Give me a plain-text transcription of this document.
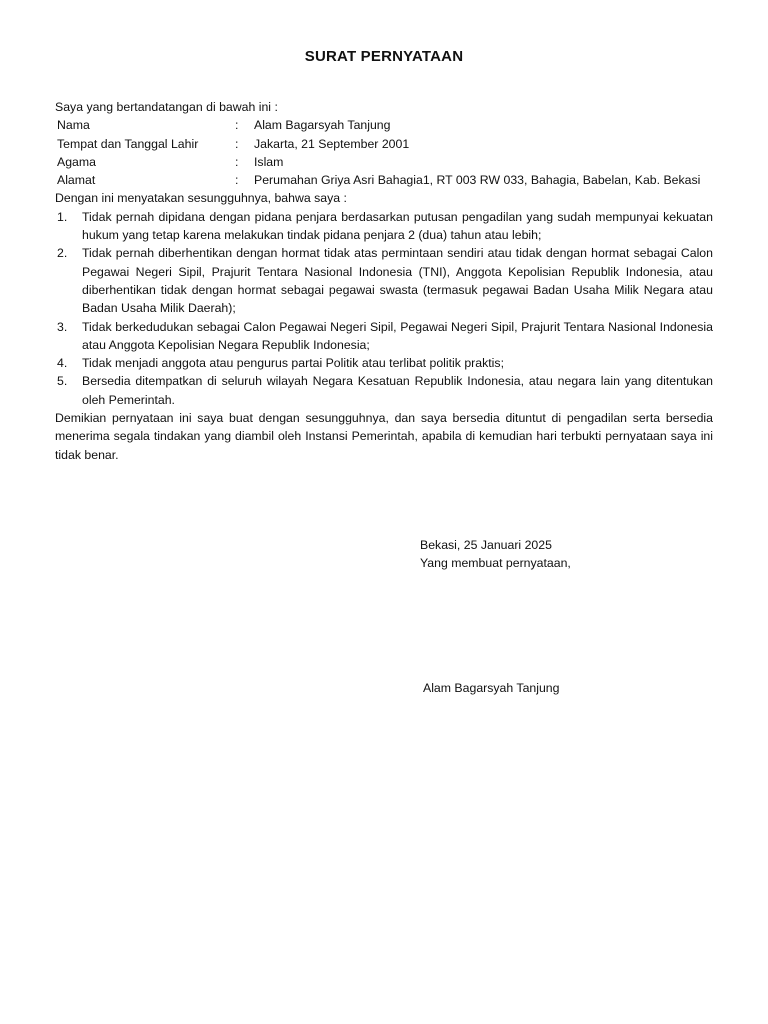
SURAT PERNYATAAN
Saya yang bertandatangan di bawah ini :
Nama	:	Alam Bagarsyah Tanjung
Tempat dan Tanggal Lahir	:	Jakarta, 21 September 2001
Agama	:	Islam
Alamat	:	Perumahan Griya Asri Bahagia1, RT 003 RW 033, Bahagia, Babelan, Kab. Bekasi
Dengan ini menyatakan sesungguhnya, bahwa saya :
1.	Tidak pernah dipidana dengan pidana penjara berdasarkan putusan pengadilan yang sudah mempunyai kekuatan hukum yang tetap karena melakukan tindak pidana penjara 2 (dua) tahun atau lebih;
2.	Tidak pernah diberhentikan dengan hormat tidak atas permintaan sendiri atau tidak dengan hormat sebagai Calon Pegawai Negeri Sipil, Prajurit Tentara Nasional Indonesia (TNI), Anggota Kepolisian Republik Indonesia, atau diberhentikan tidak dengan hormat sebagai pegawai swasta (termasuk pegawai Badan Usaha Milik Negara atau Badan Usaha Milik Daerah);
3.	Tidak berkedudukan sebagai Calon Pegawai Negeri Sipil, Pegawai Negeri Sipil, Prajurit Tentara Nasional Indonesia atau Anggota Kepolisian Negara Republik Indonesia;
4.	Tidak menjadi anggota atau pengurus partai Politik atau terlibat politik praktis;
5.	Bersedia ditempatkan di seluruh wilayah Negara Kesatuan Republik Indonesia, atau negara lain yang ditentukan oleh Pemerintah.
Demikian pernyataan ini saya buat dengan sesungguhnya, dan saya bersedia dituntut di pengadilan serta bersedia menerima segala tindakan yang diambil oleh Instansi Pemerintah, apabila di kemudian hari terbukti pernyataan saya ini tidak benar.
Bekasi, 25 Januari 2025
Yang membuat pernyataan,
Alam Bagarsyah Tanjung
